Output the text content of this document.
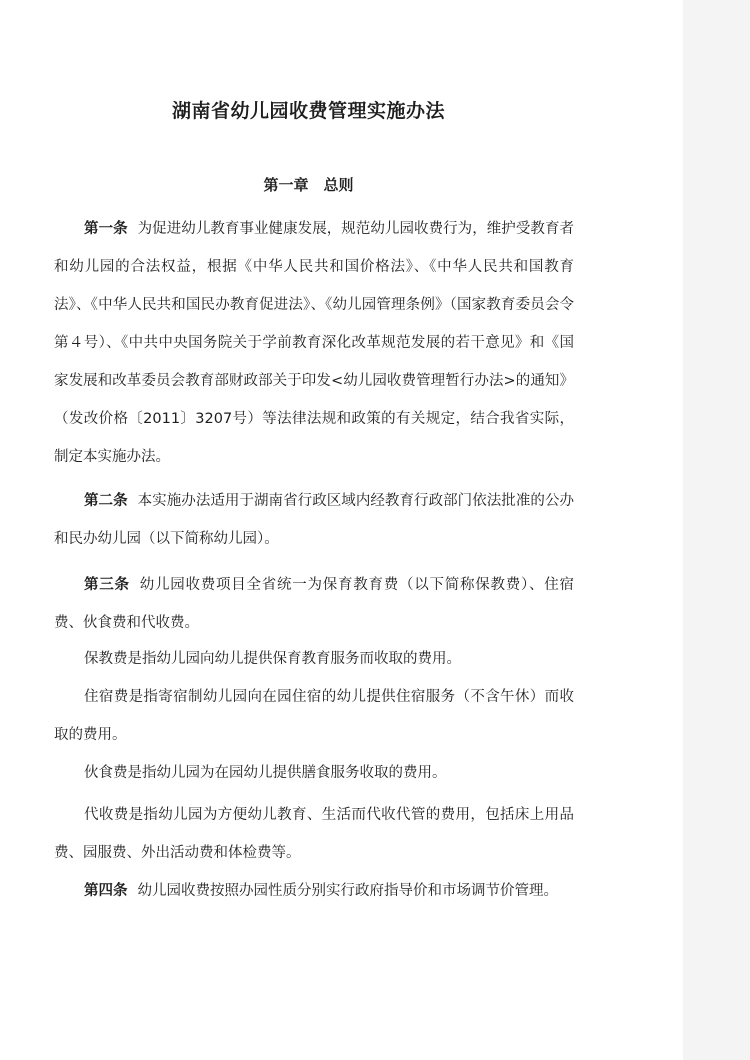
湖南省幼儿园收费管理实施办法
第一章　总则

第一条 为促进幼儿教育事业健康发展，规范幼儿园收费行为，维护受教育者和幼儿园的合法权益，根据《中华人民共和国价格法》、《中华人民共和国教育法》、《中华人民共和国民办教育促进法》、《幼儿园管理条例》（国家教育委员会令第４号）、《中共中央国务院关于学前教育深化改革规范发展的若干意见》和《国家发展和改革委员会教育部财政部关于印发<幼儿园收费管理暂行办法>的通知》（发改价格〔2011〕3207号）等法律法规和政策的有关规定，结合我省实际，制定本实施办法。

第二条 本实施办法适用于湖南省行政区域内经教育行政部门依法批准的公办和民办幼儿园（以下简称幼儿园）。

第三条 幼儿园收费项目全省统一为保育教育费（以下简称保教费）、住宿费、伙食费和代收费。

保教费是指幼儿园向幼儿提供保育教育服务而收取的费用。

住宿费是指寄宿制幼儿园向在园住宿的幼儿提供住宿服务（不含午休）而收取的费用。

伙食费是指幼儿园为在园幼儿提供膳食服务收取的费用。

代收费是指幼儿园为方便幼儿教育、生活而代收代管的费用，包括床上用品费、园服费、外出活动费和体检费等。

第四条 幼儿园收费按照办园性质分别实行政府指导价和市场调节价管理。
